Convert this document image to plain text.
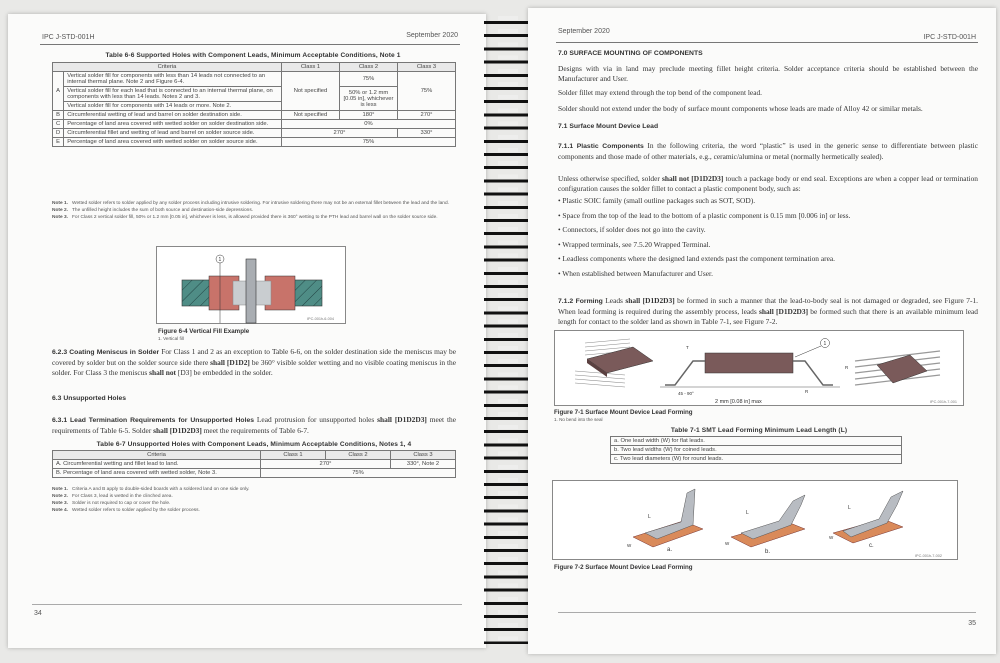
IPC J-STD-001H	September 2020
Table 6-6 Supported Holes with Component Leads, Minimum Acceptable Conditions, Note 1
Criteria		Class 1	Class 2	Class 3
A	Vertical solder fill for components with less than 14 leads not connected to an internal thermal plane. Note 2 and Figure 6-4.	Not specified	75%	75%
	Vertical solder fill for each lead that is connected to an internal thermal plane, on components with less than 14 leads. Notes 2 and 3.		50% or 1.2 mm [0.05 in], whichever is less	
	Vertical solder fill for components with 14 leads or more. Note 2.			
B	Circumferential wetting of lead and barrel on solder destination side.	Not specified	180°	270°
C	Percentage of land area covered with wetted solder on solder destination side.	0%		
D	Circumferential fillet and wetting of lead and barrel on solder source side.	270°		330°
E	Percentage of land area covered with wetted solder on solder source side.	75%		
Note 1. Wetted solder refers to solder applied by any solder process including intrusive soldering. For intrusive soldering there may not be an external fillet between the lead and the land.
Note 2. The unfilled height includes the sum of both source and destination-side depressions.
Note 3. For Class 2 vertical solder fill, 50% or 1.2 mm [0.05 in], whichever is less, is allowed provided there is 360° wetting to the PTH lead and barrel wall on the solder source side.
1
IPC-001h-6-004
Figure 6-4 Vertical Fill Example
1. Vertical fill
6.2.3 Coating Meniscus in Solder For Class 1 and 2 as an exception to Table 6-6, on the solder destination side the meniscus may be covered by solder but on the solder source side there shall [D1D2] be 360° visible solder wetting and no visible coating meniscus in the solder. For Class 3 the meniscus shall not [D3] be embedded in the solder.
6.3 Unsupported Holes
6.3.1 Lead Termination Requirements for Unsupported Holes Lead protrusion for unsupported holes shall [D1D2D3] meet the requirements of Table 6-5. Solder shall [D1D2D3] meet the requirements of Table 6-7.
Table 6-7 Unsupported Holes with Component Leads, Minimum Acceptable Conditions, Notes 1, 4
Criteria	Class 1	Class 2	Class 3
A. Circumferential wetting and fillet lead to land.	270°		330°, Note 2
B. Percentage of land area covered with wetted solder, Note 3.	75%		
Note 1. Criteria A and B apply to double-sided boards with a soldered land on one side only.
Note 2. For Class 3, lead is wetted in the clinched area.
Note 3. Solder is not required to cap or cover the hole.
Note 4. Wetted solder refers to solder applied by the solder process.
34
September 2020
IPC J-STD-001H
7.0 SURFACE MOUNTING OF COMPONENTS
Designs with via in land may preclude meeting fillet height criteria. Solder acceptance criteria should be established between the Manufacturer and User.
Solder fillet may extend through the top bend of the component lead.
Solder should not extend under the body of surface mount components whose leads are made of Alloy 42 or similar metals.
7.1 Surface Mount Device Lead
7.1.1 Plastic Components In the following criteria, the word “plastic” is used in the generic sense to differentiate between plastic components and those made of other materials, e.g., ceramic/alumina or metal (normally hermetically sealed).
Unless otherwise specified, solder shall not [D1D2D3] touch a package body or end seal. Exceptions are when a copper lead or termination configuration causes the solder fillet to contact a plastic component body, such as:
• Plastic SOIC family (small outline packages such as SOT, SOD).
• Space from the top of the lead to the bottom of a plastic component is 0.15 mm [0.006 in] or less.
• Connectors, if solder does not go into the cavity.
• Wrapped terminals, see 7.5.20 Wrapped Terminal.
• Leadless components where the designed land extends past the component termination area.
• When established between Manufacturer and User.
7.1.2 Forming Leads shall [D1D2D3] be formed in such a manner that the lead-to-body seal is not damaged or degraded, see Figure 7-1. When lead forming is required during the assembly process, leads shall [D1D2D3] be formed such that there is an available minimum lead length for contact to the solder land as shown in Table 7-1, see Figure 7-2.
T
45 - 90°
2 mm [0.08 in] max
R
R
1
IPC-001h-7-001
Figure 7-1 Surface Mount Device Lead Forming
1. No bend into the seal
Table 7-1 SMT Lead Forming Minimum Lead Length (L)
a. One lead width (W) for flat leads.
b. Two lead widths (W) for coined leads.
c. Two lead diameters (W) for round leads.
L
W
a.
L
W
b.
L
W
c.
IPC-001h-7-002
Figure 7-2 Surface Mount Device Lead Forming
35
